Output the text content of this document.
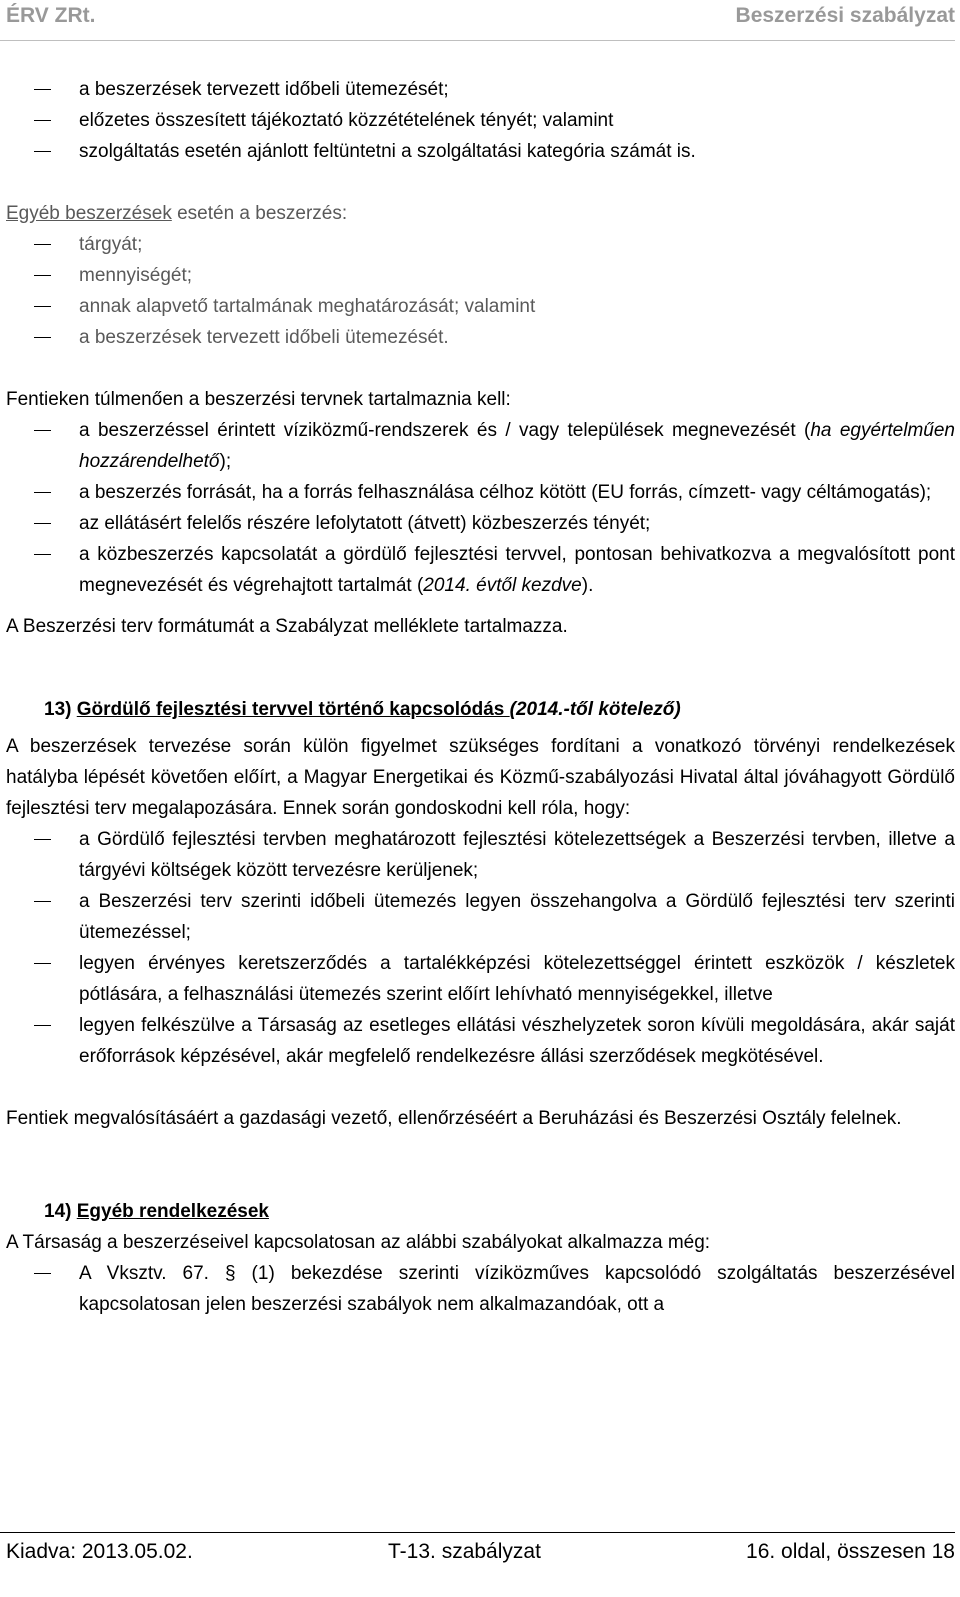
ÉRV ZRt.	Beszerzési szabályzat
a beszerzések tervezett időbeli ütemezését;
előzetes összesített tájékoztató közzétételének tényét; valamint
szolgáltatás esetén ajánlott feltüntetni a szolgáltatási kategória számát is.
Egyéb beszerzések esetén a beszerzés:
tárgyát;
mennyiségét;
annak alapvető tartalmának meghatározását; valamint
a beszerzések tervezett időbeli ütemezését.
Fentieken túlmenően a beszerzési tervnek tartalmaznia kell:
a beszerzéssel érintett víziközmű-rendszerek és / vagy települések megnevezését (ha egyértelműen hozzárendelhető);
a beszerzés forrását, ha a forrás felhasználása célhoz kötött (EU forrás, címzett- vagy céltámogatás);
az ellátásért felelős részére lefolytatott (átvett) közbeszerzés tényét;
a közbeszerzés kapcsolatát a gördülő fejlesztési tervvel, pontosan behivatkozva a megvalósított pont megnevezését és végrehajtott tartalmát (2014. évtől kezdve).
A Beszerzési terv formátumát a Szabályzat melléklete tartalmazza.
13) Gördülő fejlesztési tervvel történő kapcsolódás (2014.-től kötelező)
A beszerzések tervezése során külön figyelmet szükséges fordítani a vonatkozó törvényi rendelkezések hatályba lépését követően előírt, a Magyar Energetikai és Közmű-szabályozási Hivatal által jóváhagyott Gördülő fejlesztési terv megalapozására. Ennek során gondoskodni kell róla, hogy:
a Gördülő fejlesztési tervben meghatározott fejlesztési kötelezettségek a Beszerzési tervben, illetve a tárgyévi költségek között tervezésre kerüljenek;
a Beszerzési terv szerinti időbeli ütemezés legyen összehangolva a Gördülő fejlesztési terv szerinti ütemezéssel;
legyen érvényes keretszerződés a tartalékképzési kötelezettséggel érintett eszközök / készletek pótlására, a felhasználási ütemezés szerint előírt lehívható mennyiségekkel, illetve
legyen felkészülve a Társaság az esetleges ellátási vészhelyzetek soron kívüli megoldására, akár saját erőforrások képzésével, akár megfelelő rendelkezésre állási szerződések megkötésével.
Fentiek megvalósításáért a gazdasági vezető, ellenőrzéséért a Beruházási és Beszerzési Osztály felelnek.
14) Egyéb rendelkezések
A Társaság a beszerzéseivel kapcsolatosan az alábbi szabályokat alkalmazza még:
A Vksztv. 67. § (1) bekezdése szerinti víziközműves kapcsolódó szolgáltatás beszerzésével kapcsolatosan jelen beszerzési szabályok nem alkalmazandóak, ott a
Kiadva: 2013.05.02.	T-13. szabályzat	16. oldal, összesen 18
